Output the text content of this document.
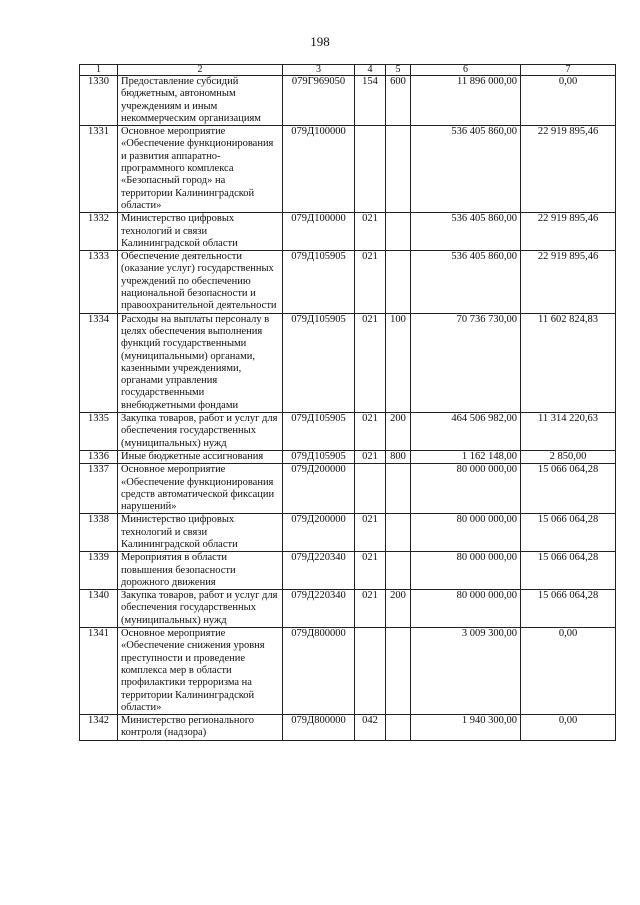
198
1	2	3	4	5	6	7
1330	Предоставление субсидий бюджетным, автономным учреждениям и иным некоммерческим организациям	079Г969050	154	600	11 896 000,00	0,00
1331	Основное мероприятие «Обеспечение функционирования и развития аппаратно-программного комплекса «Безопасный город» на территории Калининградской области»	079Д100000			536 405 860,00	22 919 895,46
1332	Министерство цифровых технологий и связи Калининградской области	079Д100000	021		536 405 860,00	22 919 895,46
1333	Обеспечение деятельности (оказание услуг) государственных учреждений по обеспечению национальной безопасности и правоохранительной деятельности	079Д105905	021		536 405 860,00	22 919 895,46
1334	Расходы на выплаты персоналу в целях обеспечения выполнения функций государственными (муниципальными) органами, казенными учреждениями, органами управления государственными внебюджетными фондами	079Д105905	021	100	70 736 730,00	11 602 824,83
1335	Закупка товаров, работ и услуг для обеспечения государственных (муниципальных) нужд	079Д105905	021	200	464 506 982,00	11 314 220,63
1336	Иные бюджетные ассигнования	079Д105905	021	800	1 162 148,00	2 850,00
1337	Основное мероприятие «Обеспечение функционирования средств автоматической фиксации нарушений»	079Д200000			80 000 000,00	15 066 064,28
1338	Министерство цифровых технологий и связи Калининградской области	079Д200000	021		80 000 000,00	15 066 064,28
1339	Мероприятия в области повышения безопасности дорожного движения	079Д220340	021		80 000 000,00	15 066 064,28
1340	Закупка товаров, работ и услуг для обеспечения государственных (муниципальных) нужд	079Д220340	021	200	80 000 000,00	15 066 064,28
1341	Основное мероприятие «Обеспечение снижения уровня преступности и проведение комплекса мер в области профилактики терроризма на территории Калининградской области»	079Д800000			3 009 300,00	0,00
1342	Министерство регионального контроля (надзора)	079Д800000	042		1 940 300,00	0,00
